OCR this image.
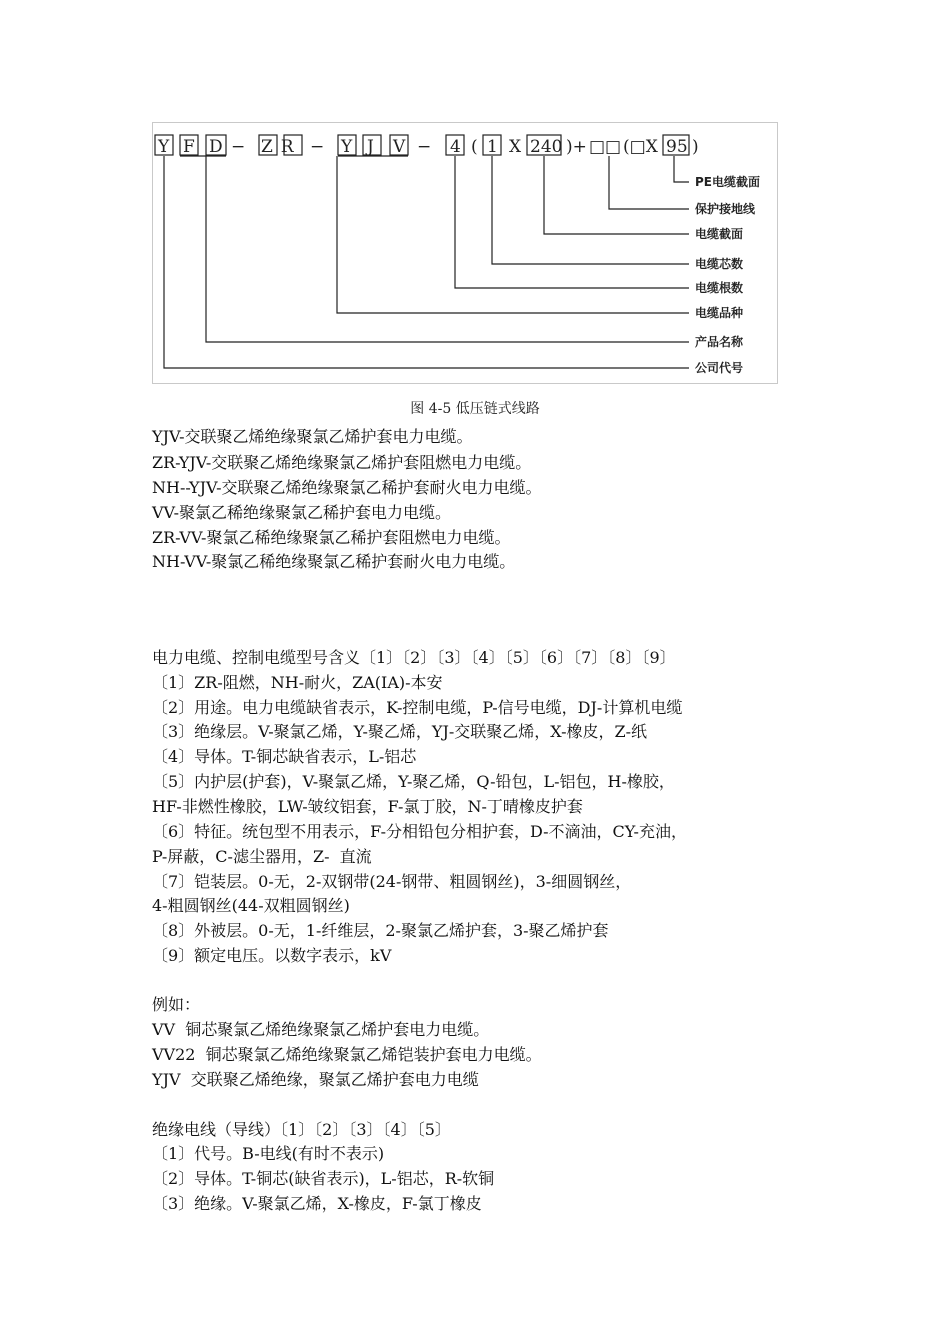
Y F D − ZR − Y J V − 4 ( 1 X 240 )+ □□ (□X 95 )
PE电缆截面
保护接地线
电缆截面
电缆芯数
电缆根数
电缆品种
产品名称
公司代号
图 4-5 低压链式线路
YJV-交联聚乙烯绝缘聚氯乙烯护套电力电缆。
ZR-YJV-交联聚乙烯绝缘聚氯乙烯护套阻燃电力电缆。
NH--YJV-交联聚乙烯绝缘聚氯乙稀护套耐火电力电缆。
VV-聚氯乙稀绝缘聚氯乙稀护套电力电缆。
ZR-VV-聚氯乙稀绝缘聚氯乙稀护套阻燃电力电缆。
NH-VV-聚氯乙稀绝缘聚氯乙稀护套耐火电力电缆。
电力电缆、控制电缆型号含义〔1〕〔2〕〔3〕〔4〕〔5〕〔6〕〔7〕〔8〕〔9〕
〔1〕ZR-阻燃，NH-耐火，ZA(IA)-本安
〔2〕用途。电力电缆缺省表示，K-控制电缆，P-信号电缆，DJ-计算机电缆
〔3〕绝缘层。V-聚氯乙烯，Y-聚乙烯，YJ-交联聚乙烯，X-橡皮，Z-纸
〔4〕导体。T-铜芯缺省表示，L-铝芯
〔5〕内护层(护套)，V-聚氯乙烯，Y-聚乙烯，Q-铅包，L-铝包，H-橡胶，
HF-非燃性橡胶，LW-皱纹铝套，F-氯丁胶，N-丁晴橡皮护套
〔6〕特征。统包型不用表示，F-分相铅包分相护套，D-不滴油，CY-充油，
P-屏蔽，C-滤尘器用，Z-  直流
〔7〕铠装层。0-无，2-双钢带(24-钢带、粗圆钢丝)，3-细圆钢丝，
4-粗圆钢丝(44-双粗圆钢丝)
〔8〕外被层。0-无，1-纤维层，2-聚氯乙烯护套，3-聚乙烯护套
〔9〕额定电压。以数字表示，kV
例如：
VV  铜芯聚氯乙烯绝缘聚氯乙烯护套电力电缆。
VV22  铜芯聚氯乙烯绝缘聚氯乙烯铠装护套电力电缆。
YJV  交联聚乙烯绝缘，聚氯乙烯护套电力电缆
绝缘电线（导线）〔1〕〔2〕〔3〕〔4〕〔5〕
〔1〕代号。B-电线(有时不表示)
〔2〕导体。T-铜芯(缺省表示)，L-铝芯，R-软铜
〔3〕绝缘。V-聚氯乙烯，X-橡皮，F-氯丁橡皮
